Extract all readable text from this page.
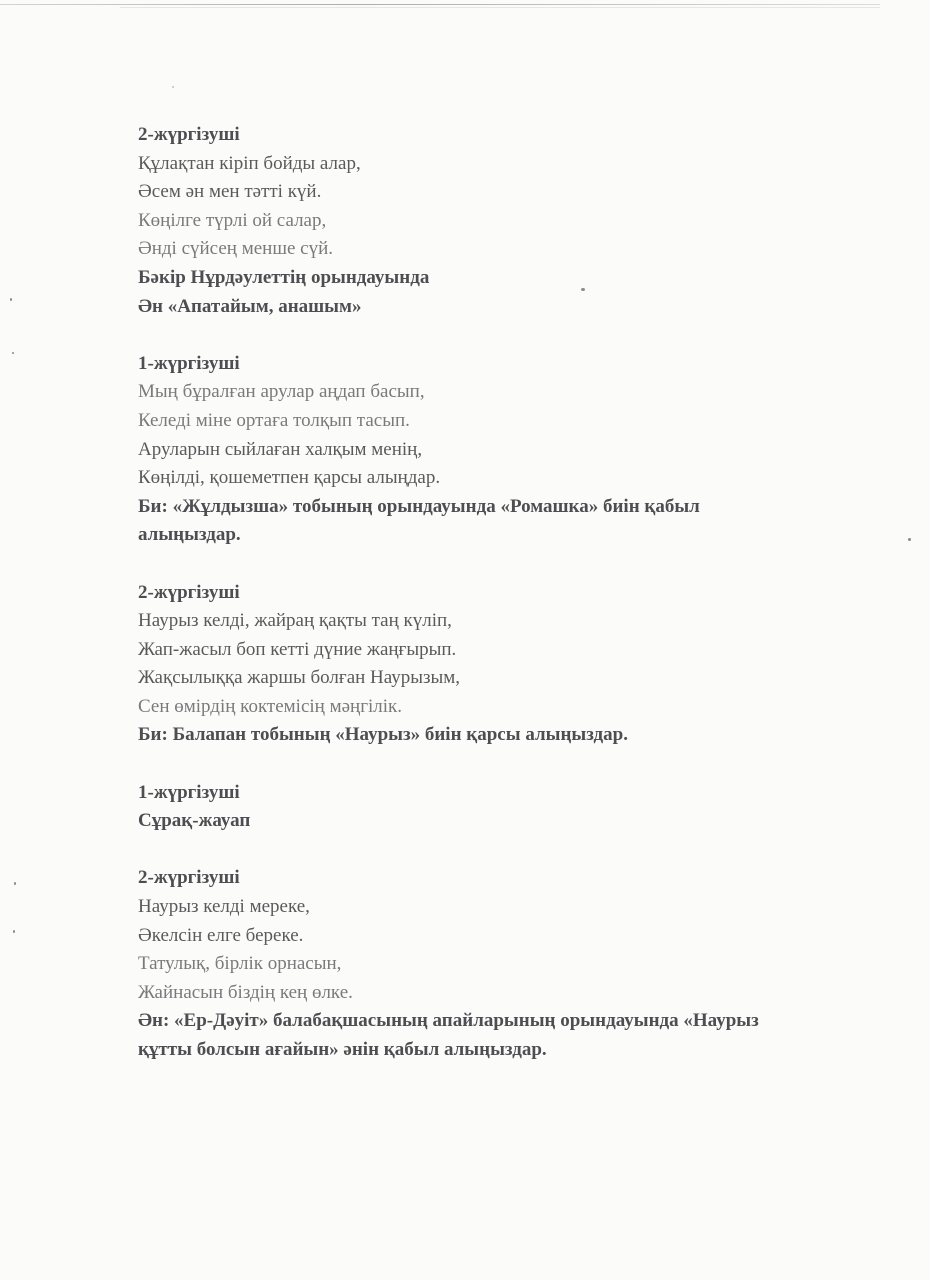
2-жүргізуші
Құлақтан кіріп бойды алар,
Әсем ән мен тәтті күй.
Көңілге түрлі ой салар,
Әнді сүйсең менше сүй.
Бәкір Нұрдәулеттің орындауында
Ән «Апатайым, анашым»
1-жүргізуші
Мың бұралған арулар аңдап басып,
Келеді міне ортаға толқып тасып.
Аруларын сыйлаған халқым менің,
Көңілді, қошеметпен қарсы алыңдар.
Би: «Жұлдызша» тобының орындауында «Ромашка» биін қабыл
алыңыздар.
2-жүргізуші
Наурыз келді, жайраң қақты таң күліп,
Жап-жасыл боп кетті дүние жаңғырып.
Жақсылыққа жаршы болған Наурызым,
Сен өмірдің коктемісің мәңгілік.
Би: Балапан тобының «Наурыз» биін қарсы алыңыздар.
1-жүргізуші
Сұрақ-жауап
2-жүргізуші
Наурыз келді мереке,
Әкелсін елге береке.
Татулық, бірлік орнасын,
Жайнасын біздің кең өлке.
Ән: «Ер-Дәуіт» балабақшасының апайларының орындауында «Наурыз
құтты болсын ағайын» әнін қабыл алыңыздар.
